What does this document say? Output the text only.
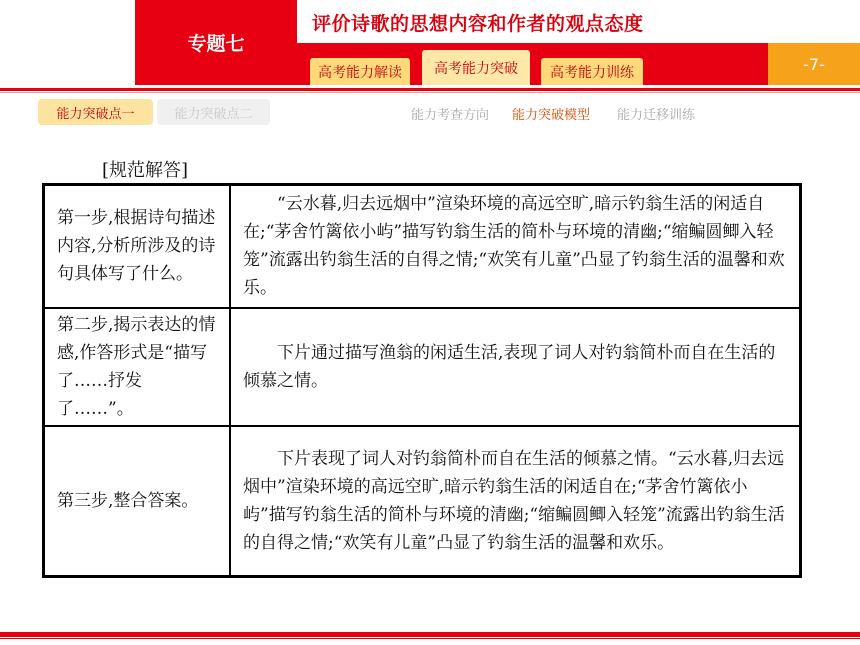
专题七
评价诗歌的思想内容和作者的观点态度
高考能力解读	高考能力突破	高考能力训练	-7-
能力突破点一	能力突破点二	能力考查方向 能力突破模型 能力迁移训练
[规范解答]
第一步,根据诗句描述内容,分析所涉及的诗句具体写了什么。	“云水暮,归去远烟中”渲染环境的高远空旷,暗示钓翁生活的闲适自在;“茅舍竹篱依小屿”描写钓翁生活的简朴与环境的清幽;“缩鳊圆鲫入轻笼”流露出钓翁生活的自得之情;“欢笑有儿童”凸显了钓翁生活的温馨和欢乐。
第二步,揭示表达的情感,作答形式是“描写了……抒发了……”。	下片通过描写渔翁的闲适生活,表现了词人对钓翁简朴而自在生活的倾慕之情。
第三步,整合答案。	下片表现了词人对钓翁简朴而自在生活的倾慕之情。“云水暮,归去远烟中”渲染环境的高远空旷,暗示钓翁生活的闲适自在;“茅舍竹篱依小屿”描写钓翁生活的简朴与环境的清幽;“缩鳊圆鲫入轻笼”流露出钓翁生活的自得之情;“欢笑有儿童”凸显了钓翁生活的温馨和欢乐。
